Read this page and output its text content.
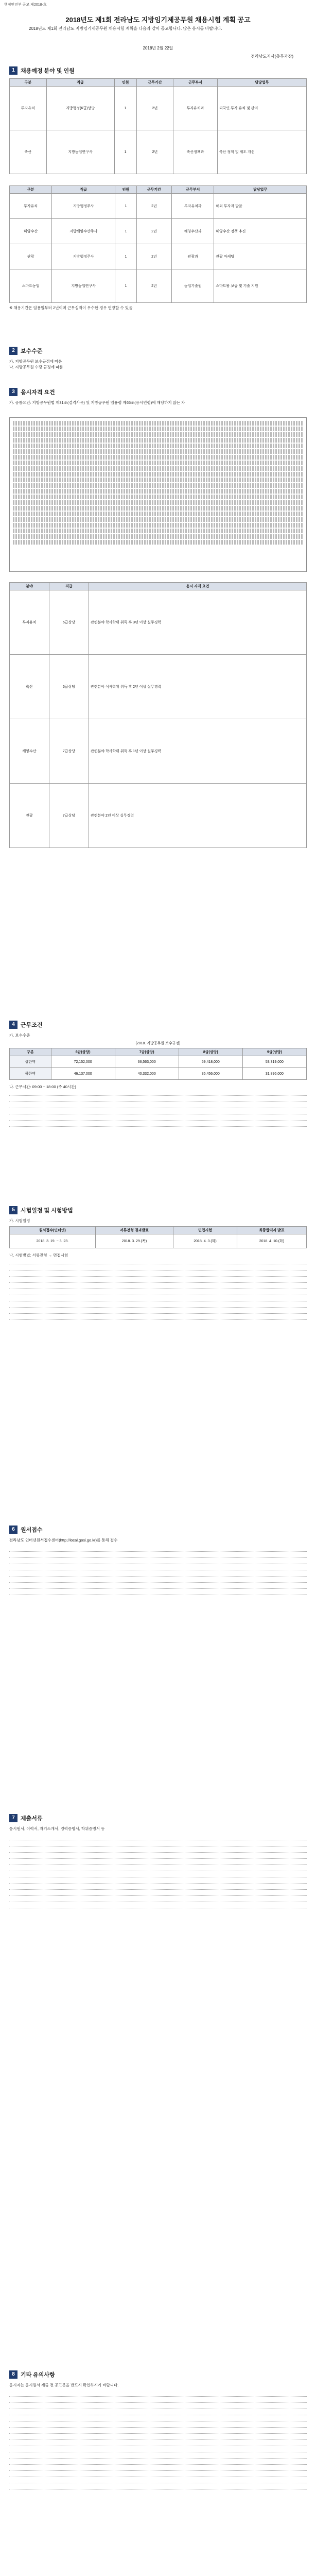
행정안전부 공고 제2018-호
2018년도 제1회 전라남도 지방임기제공무원 채용시험 계획 공고
2018년도 제1회 전라남도 지방임기제공무원 채용시험 계획을 다음과 같이 공고합니다. 많은 응시를 바랍니다.
2018년 2월 22일
전라남도지사(총무과장)
1	채용예정 분야 및 인원
구분	직급	인원	근무기간	근무부서	담당업무
투자유치	지방행정(6급)상당	1	2년	투자유치과	외국인 투자 유치 및 관리
축산	지방농업연구사	1	2년	축산정책과	축산 정책 및 제도 개선
구분	직급	인원	근무기간	근무부서	담당업무
투자유치	지방행정주사	1	2년	투자유치과	해외 투자자 발굴
해양수산	지방해양수산주사	1	2년	해양수산과	해양수산 정책 추진
관광	지방행정주사	1	2년	관광과	관광 마케팅
스마트농업	지방농업연구사	1	2년	농업기술원	스마트팜 보급 및 기술 지원
※ 채용기간은 임용일부터 2년이며 근무실적이 우수한 경우 연장할 수 있음
2	보수수준
가. 지방공무원 보수규정에 따름
나. 지방공무원 수당 규정에 따름
3	응시자격 요건
가. 공통요건: 지방공무원법 제31조(결격사유) 및 지방공무원 임용령 제65조(응시연령)에 해당하지 않는 자
분야	직급	응시 자격 요건
투자유치	6급상당	관련분야 학사학위 취득 후 3년 이상 실무경력
축산	6급상당	관련분야 석사학위 취득 후 2년 이상 실무경력
해양수산	7급상당	관련분야 학사학위 취득 후 1년 이상 실무경력
관광	7급상당	관련분야 2년 이상 실무경력
4	근무조건
가. 보수수준
(2018. 지방공무원 보수규정)
구분	6급(상당)	7급(상당)	8급(상당)	9급(상당)
상한액	72,152,000	66,563,000	59,418,000	53,319,000
하한액	46,137,000	40,332,000	35,456,000	31,896,000
나. 근무시간: 09:00 ~ 18:00 (주 40시간)
5	시험일정 및 시험방법
가. 시험일정
원서접수(인터넷)	서류전형 결과발표	면접시험	최종합격자 발표
2018. 3. 19. ~ 3. 23.	2018. 3. 29.(목)	2018. 4. 3.(화)	2018. 4. 10.(화)
나. 시험방법: 서류전형 → 면접시험
6	원서접수
전라남도 인터넷원서접수센터(http://local.gosi.go.kr)를 통해 접수
7	제출서류
응시원서, 이력서, 자기소개서, 경력증명서, 학위증명서 등
8	기타 유의사항
응시자는 응시원서 제출 전 공고문을 반드시 확인하시기 바랍니다.
